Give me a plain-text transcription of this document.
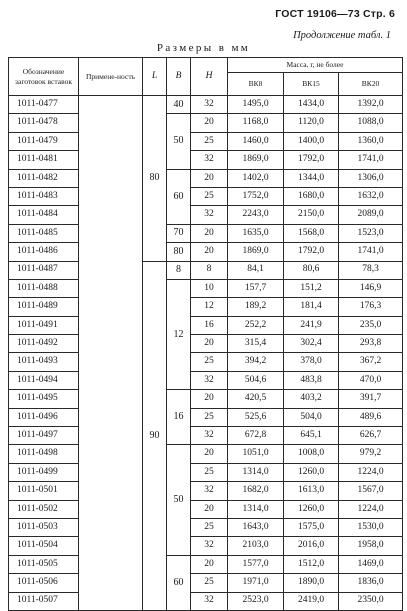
ГОСТ 19106—73 Стр. 6
Продолжение табл. 1
Размеры в мм
Обозначение заготовок вставок	Примене-ность	L	B	H	Масса, г, не более		
					ВК8	ВК15	ВК20
1011-0477		80	40	32	1495,0	1434,0	1392,0
1011-0478			50	20	1168,0	1120,0	1088,0
1011-0479				25	1460,0	1400,0	1360,0
1011-0481				32	1869,0	1792,0	1741,0
1011-0482			60	20	1402,0	1344,0	1306,0
1011-0483				25	1752,0	1680,0	1632,0
1011-0484				32	2243,0	2150,0	2089,0
1011-0485			70	20	1635,0	1568,0	1523,0
1011-0486			80	20	1869,0	1792,0	1741,0
1011-0487		90	8	8	84,1	80,6	78,3
1011-0488			12	10	157,7	151,2	146,9
1011-0489				12	189,2	181,4	176,3
1011-0491				16	252,2	241,9	235,0
1011-0492				20	315,4	302,4	293,8
1011-0493				25	394,2	378,0	367,2
1011-0494				32	504,6	483,8	470,0
1011-0495			16	20	420,5	403,2	391,7
1011-0496				25	525,6	504,0	489,6
1011-0497				32	672,8	645,1	626,7
1011-0498			50	20	1051,0	1008,0	979,2
1011-0499				25	1314,0	1260,0	1224,0
1011-0501				32	1682,0	1613,0	1567,0
1011-0502				20	1314,0	1260,0	1224,0
1011-0503				25	1643,0	1575,0	1530,0
1011-0504				32	2103,0	2016,0	1958,0
1011-0505			60	20	1577,0	1512,0	1469,0
1011-0506				25	1971,0	1890,0	1836,0
1011-0507				32	2523,0	2419,0	2350,0
